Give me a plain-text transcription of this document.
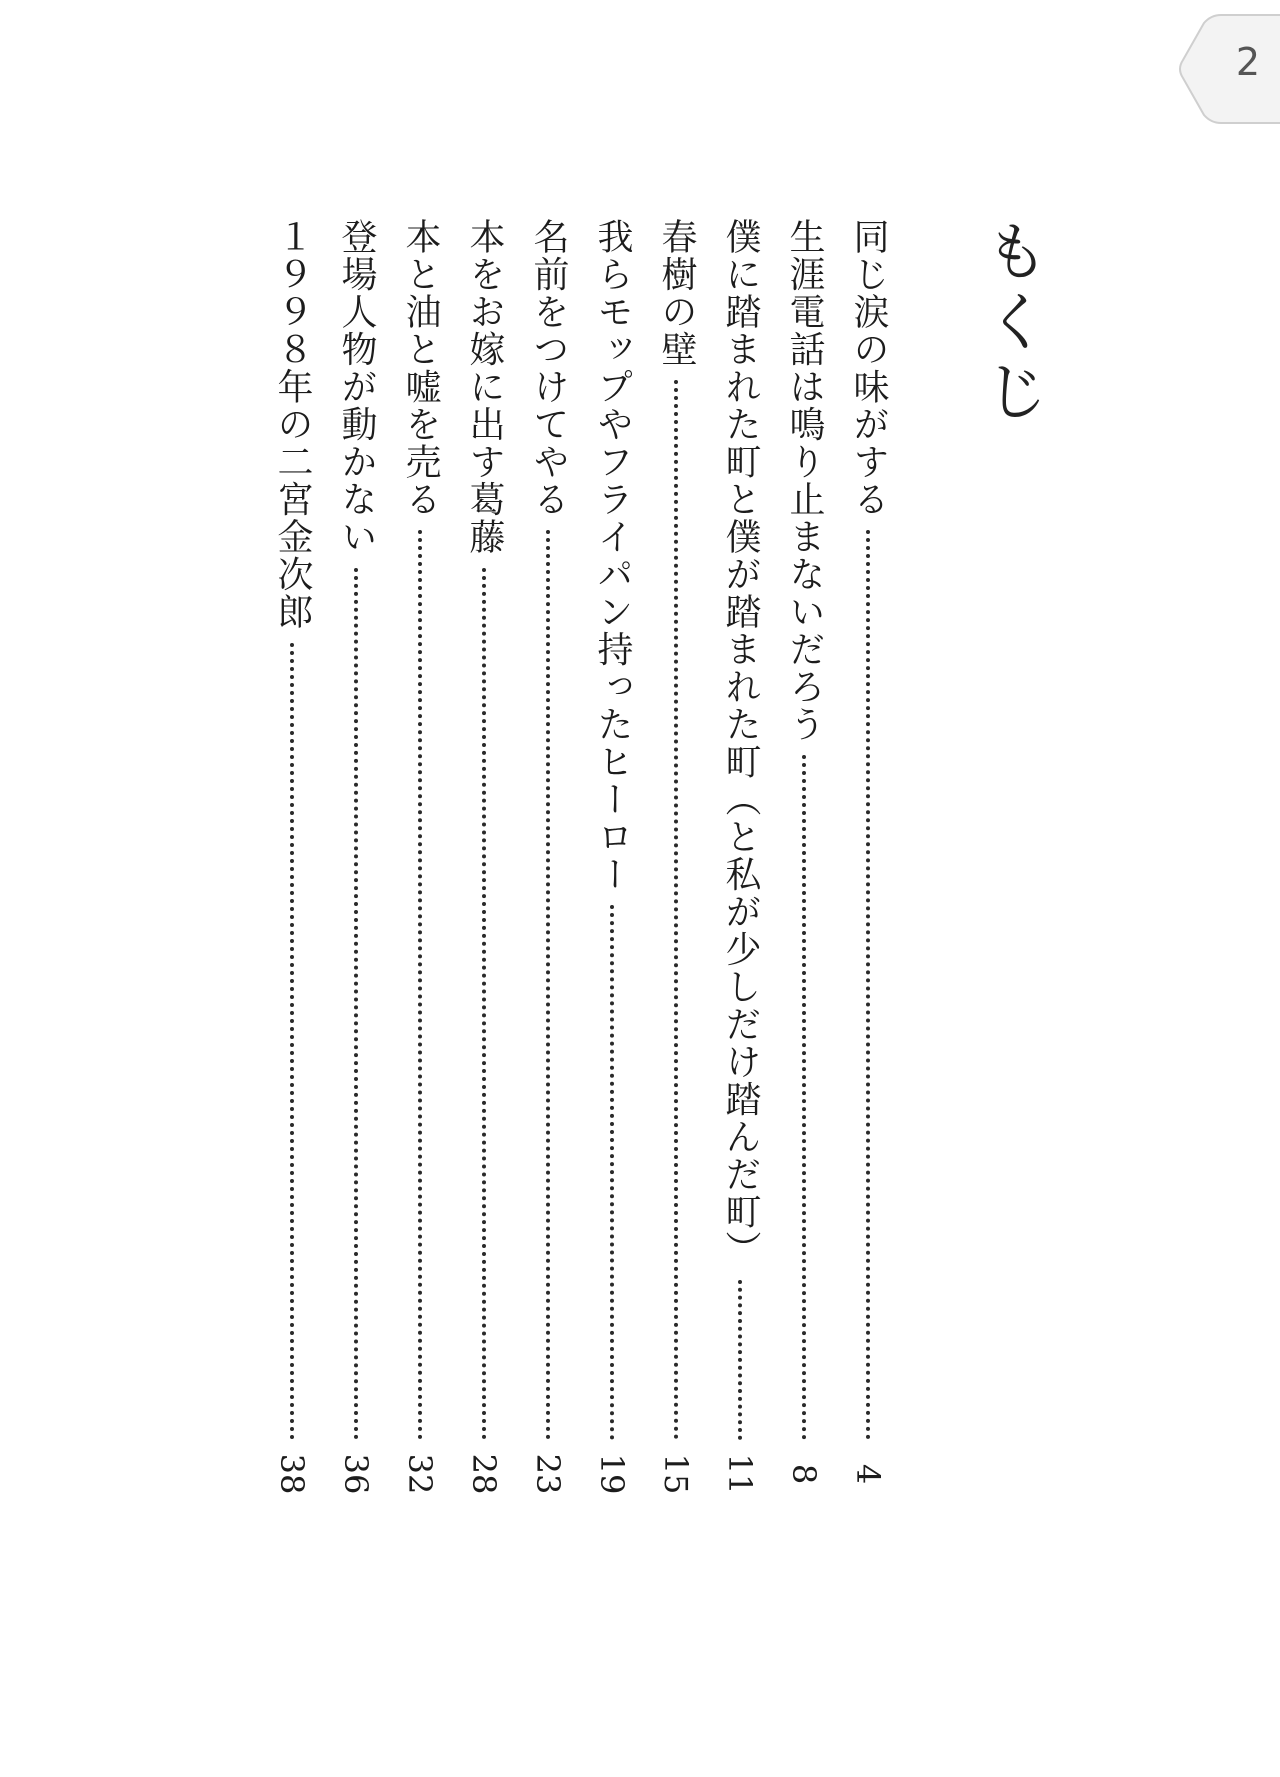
2
もくじ
同じ涙の味がする
4
生涯電話は鳴り止まないだろう
8
僕に踏まれた町と僕が踏まれた町（と私が少しだけ踏んだ町）
11
春樹の壁
15
我らモップやフライパン持ったヒーロー
19
名前をつけてやる
23
本をお嫁に出す葛藤
28
本と油と嘘を売る
32
登場人物が動かない
36
１９９８年の二宮金次郎
38
